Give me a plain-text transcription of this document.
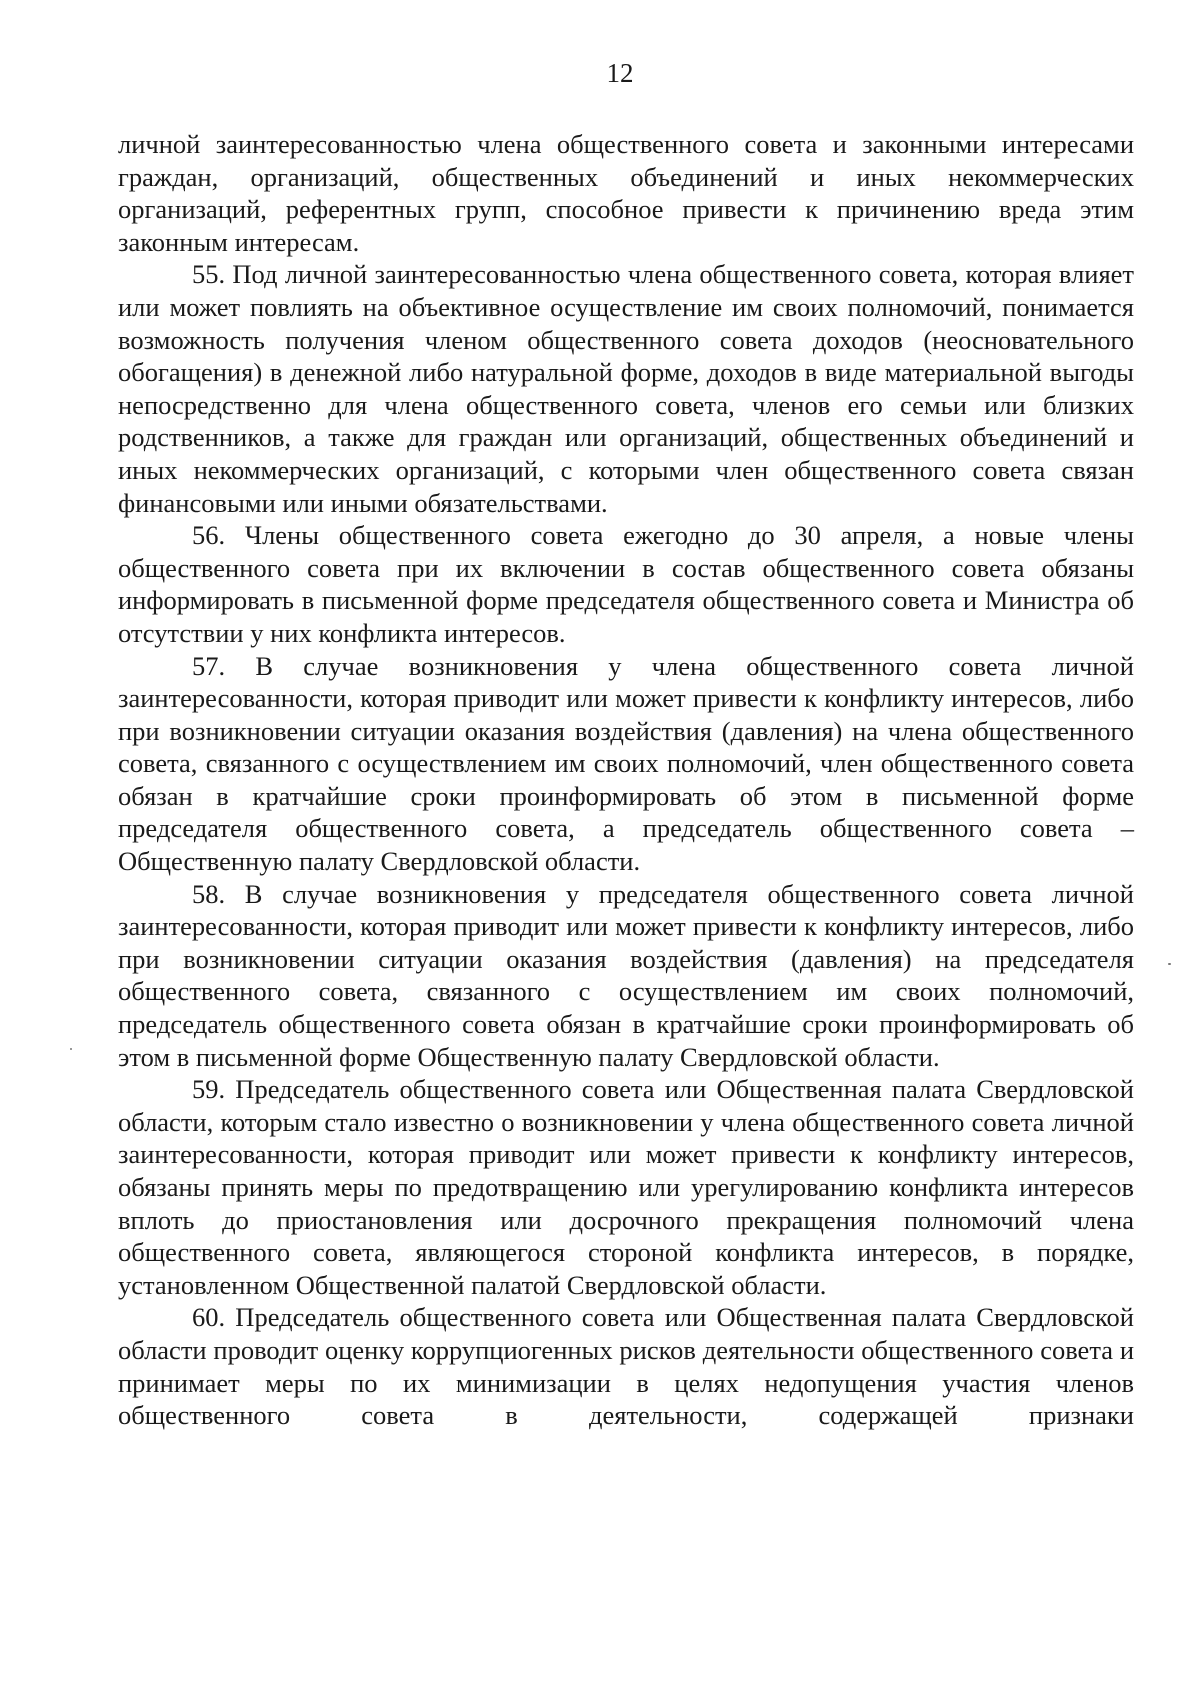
12

личной заинтересованностью члена общественного совета и законными интересами граждан, организаций, общественных объединений и иных некоммерческих организаций, референтных групп, способное привести к причинению вреда этим законным интересам.

55. Под личной заинтересованностью члена общественного совета, которая влияет или может повлиять на объективное осуществление им своих полномочий, понимается возможность получения членом общественного совета доходов (неосновательного обогащения) в денежной либо натуральной форме, доходов в виде материальной выгоды непосредственно для члена общественного совета, членов его семьи или близких родственников, а также для граждан или организаций, общественных объединений и иных некоммерческих организаций, с которыми член общественного совета связан финансовыми или иными обязательствами.

56. Члены общественного совета ежегодно до 30 апреля, а новые члены общественного совета при их включении в состав общественного совета обязаны информировать в письменной форме председателя общественного совета и Министра об отсутствии у них конфликта интересов.

57. В случае возникновения у члена общественного совета личной заинтересованности, которая приводит или может привести к конфликту интересов, либо при возникновении ситуации оказания воздействия (давления) на члена общественного совета, связанного с осуществлением им своих полномочий, член общественного совета обязан в кратчайшие сроки проинформировать об этом в письменной форме председателя общественного совета, а председатель общественного совета – Общественную палату Свердловской области.

58. В случае возникновения у председателя общественного совета личной заинтересованности, которая приводит или может привести к конфликту интересов, либо при возникновении ситуации оказания воздействия (давления) на председателя общественного совета, связанного с осуществлением им своих полномочий, председатель общественного совета обязан в кратчайшие сроки проинформировать об этом в письменной форме Общественную палату Свердловской области.

59. Председатель общественного совета или Общественная палата Свердловской области, которым стало известно о возникновении у члена общественного совета личной заинтересованности, которая приводит или может привести к конфликту интересов, обязаны принять меры по предотвращению или урегулированию конфликта интересов вплоть до приостановления или досрочного прекращения полномочий члена общественного совета, являющегося стороной конфликта интересов, в порядке, установленном Общественной палатой Свердловской области.

60. Председатель общественного совета или Общественная палата Свердловской области проводит оценку коррупциогенных рисков деятельности общественного совета и принимает меры по их минимизации в целях недопущения участия членов общественного совета в деятельности, содержащей признаки
